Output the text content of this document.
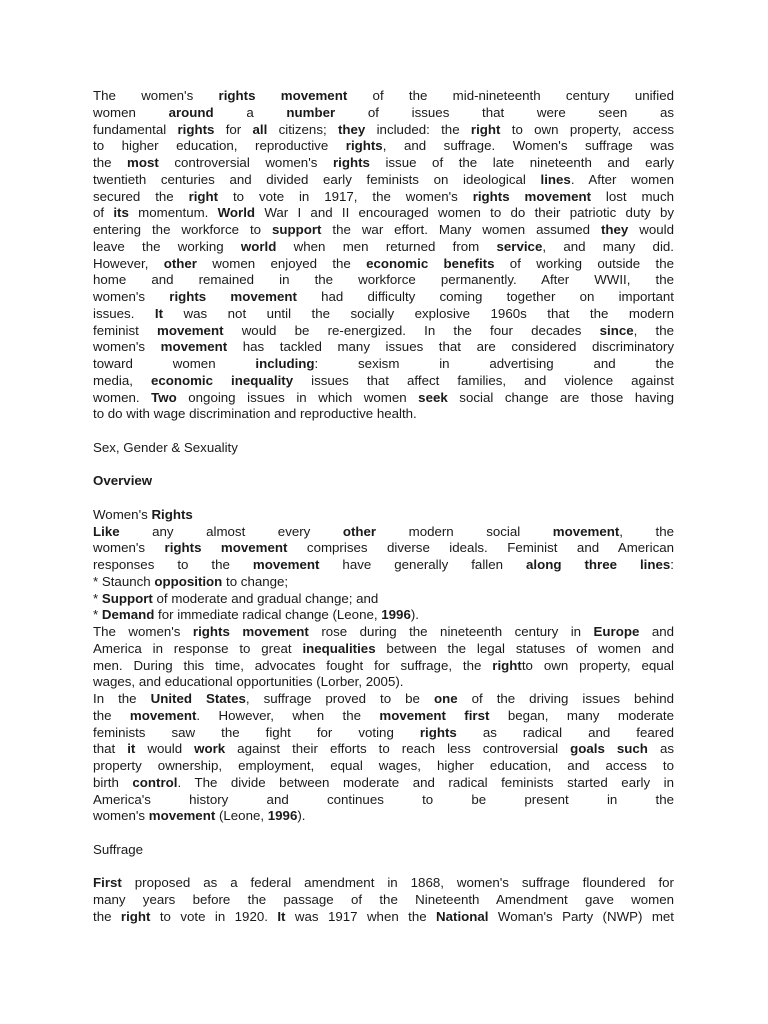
The women's rights movement of the mid-nineteenth century unified
women around a number of issues that were seen as
fundamental rights for all citizens; they included: the right to own property, access
to higher education, reproductive rights, and suffrage. Women's suffrage was
the most controversial women's rights issue of the late nineteenth and early
twentieth centuries and divided early feminists on ideological lines. After women
secured the right to vote in 1917, the women's rights movement lost much
of its momentum. World War I and II encouraged women to do their patriotic duty by
entering the workforce to support the war effort. Many women assumed they would
leave the working world when men returned from service, and many did.
However, other women enjoyed the economic benefits of working outside the
home and remained in the workforce permanently. After WWII, the
women's rights movement had difficulty coming together on important
issues. It was not until the socially explosive 1960s that the modern
feminist movement would be re-energized. In the four decades since, the
women's movement has tackled many issues that are considered discriminatory
toward women including: sexism in advertising and the
media, economic inequality issues that affect families, and violence against
women. Two ongoing issues in which women seek social change are those having
to do with wage discrimination and reproductive health.
Sex, Gender & Sexuality
Overview
Women's Rights
Like any almost every other modern social movement, the
women's rights movement comprises diverse ideals. Feminist and American
responses to the movement have generally fallen along three lines:
* Staunch opposition to change;
* Support of moderate and gradual change; and
* Demand for immediate radical change (Leone, 1996).
The women's rights movement rose during the nineteenth century in Europe and
America in response to great inequalities between the legal statuses of women and
men. During this time, advocates fought for suffrage, the rightto own property, equal
wages, and educational opportunities (Lorber, 2005).
In the United States, suffrage proved to be one of the driving issues behind
the movement. However, when the movement first began, many moderate
feminists saw the fight for voting rights as radical and feared
that it would work against their efforts to reach less controversial goals such as
property ownership, employment, equal wages, higher education, and access to
birth control. The divide between moderate and radical feminists started early in
America's history and continues to be present in the
women's movement (Leone, 1996).
Suffrage
First proposed as a federal amendment in 1868, women's suffrage floundered for
many years before the passage of the Nineteenth Amendment gave women
the right to vote in 1920. It was 1917 when the National Woman's Party (NWP) met
